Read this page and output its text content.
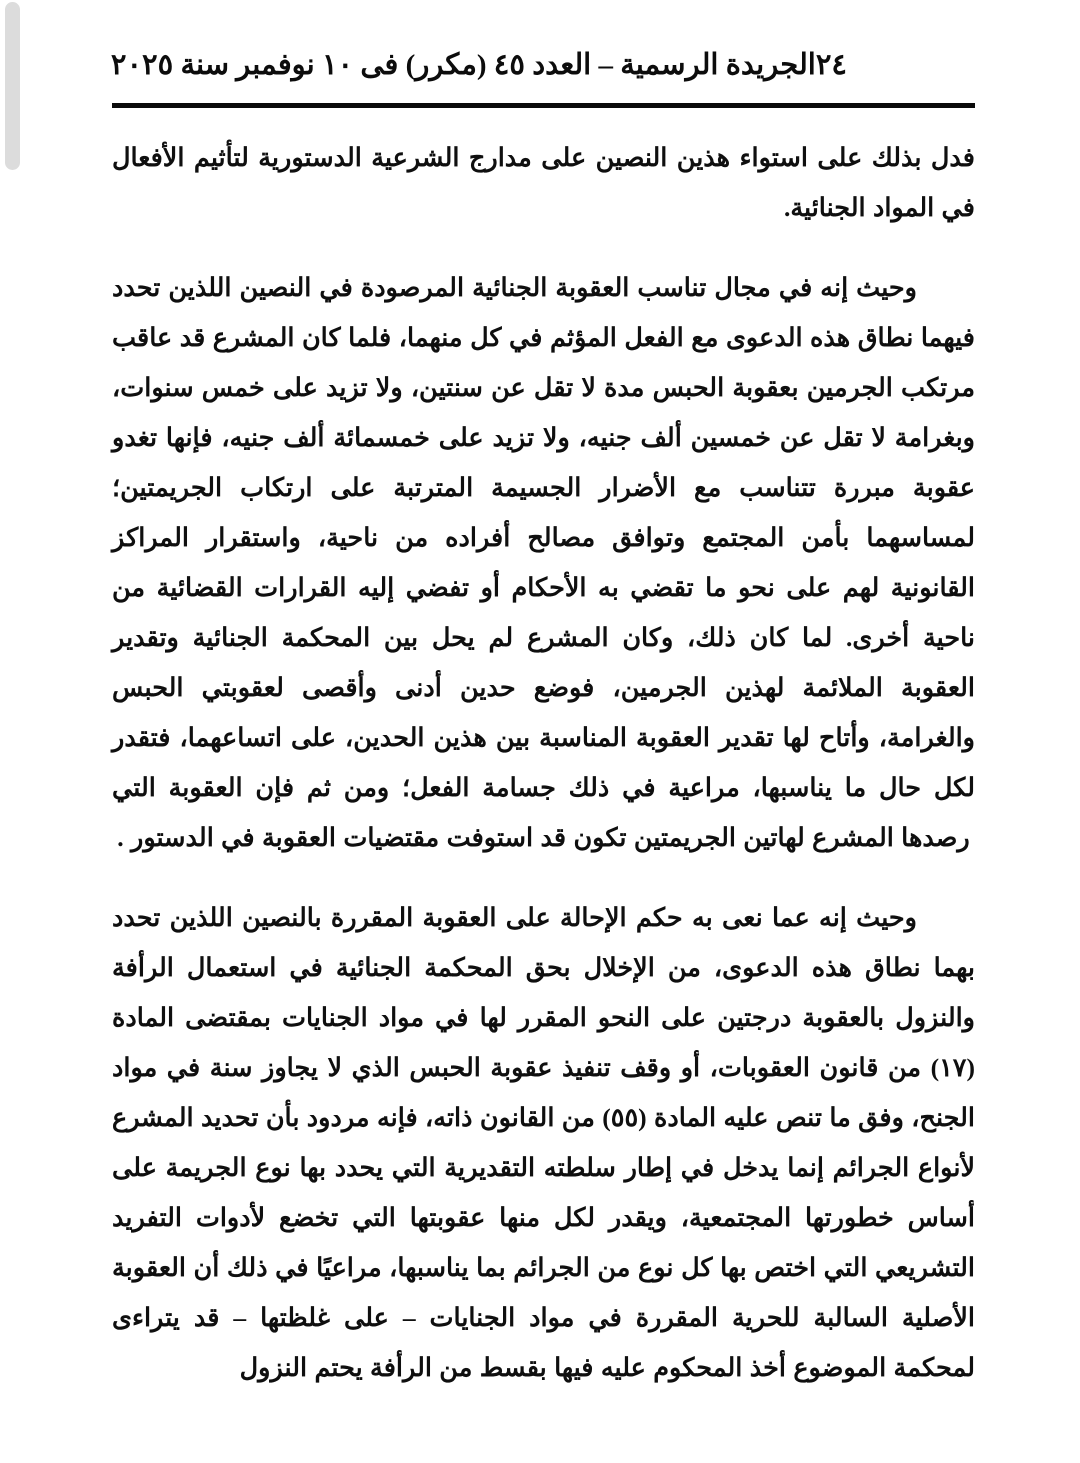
٢٤
الجريدة الرسمية – العدد ٤٥ (مكرر) فى ١٠ نوفمبر سنة ٢٠٢٥

فدل بذلك على استواء هذين النصين على مدارج الشرعية الدستورية لتأثيم الأفعال في المواد الجنائية.

وحيث إنه في مجال تناسب العقوبة الجنائية المرصودة في النصين اللذين تحدد فيهما نطاق هذه الدعوى مع الفعل المؤثم في كل منهما، فلما كان المشرع قد عاقب مرتكب الجرمين بعقوبة الحبس مدة لا تقل عن سنتين، ولا تزيد على خمس سنوات، وبغرامة لا تقل عن خمسين ألف جنيه، ولا تزيد على خمسمائة ألف جنيه، فإنها تغدو عقوبة مبررة تتناسب مع الأضرار الجسيمة المترتبة على ارتكاب الجريمتين؛ لمساسهما بأمن المجتمع وتوافق مصالح أفراده من ناحية، واستقرار المراكز القانونية لهم على نحو ما تقضي به الأحكام أو تفضي إليه القرارات القضائية من ناحية أخرى. لما كان ذلك، وكان المشرع لم يحل بين المحكمة الجنائية وتقدير العقوبة الملائمة لهذين الجرمين، فوضع حدين أدنى وأقصى لعقوبتي الحبس والغرامة، وأتاح لها تقدير العقوبة المناسبة بين هذين الحدين، على اتساعهما، فتقدر لكل حال ما يناسبها، مراعية في ذلك جسامة الفعل؛ ومن ثم فإن العقوبة التي رصدها المشرع لهاتين الجريمتين تكون قد استوفت مقتضيات العقوبة في الدستور .

وحيث إنه عما نعى به حكم الإحالة على العقوبة المقررة بالنصين اللذين تحدد بهما نطاق هذه الدعوى، من الإخلال بحق المحكمة الجنائية في استعمال الرأفة والنزول بالعقوبة درجتين على النحو المقرر لها في مواد الجنايات بمقتضى المادة (١٧) من قانون العقوبات، أو وقف تنفيذ عقوبة الحبس الذي لا يجاوز سنة في مواد الجنح، وفق ما تنص عليه المادة (٥٥) من القانون ذاته، فإنه مردود بأن تحديد المشرع لأنواع الجرائم إنما يدخل في إطار سلطته التقديرية التي يحدد بها نوع الجريمة على أساس خطورتها المجتمعية، ويقدر لكل منها عقوبتها التي تخضع لأدوات التفريد التشريعي التي اختص بها كل نوع من الجرائم بما يناسبها، مراعيًا في ذلك أن العقوبة الأصلية السالبة للحرية المقررة في مواد الجنايات – على غلظتها – قد يتراءى لمحكمة الموضوع أخذ المحكوم عليه فيها بقسط من الرأفة يحتم النزول
